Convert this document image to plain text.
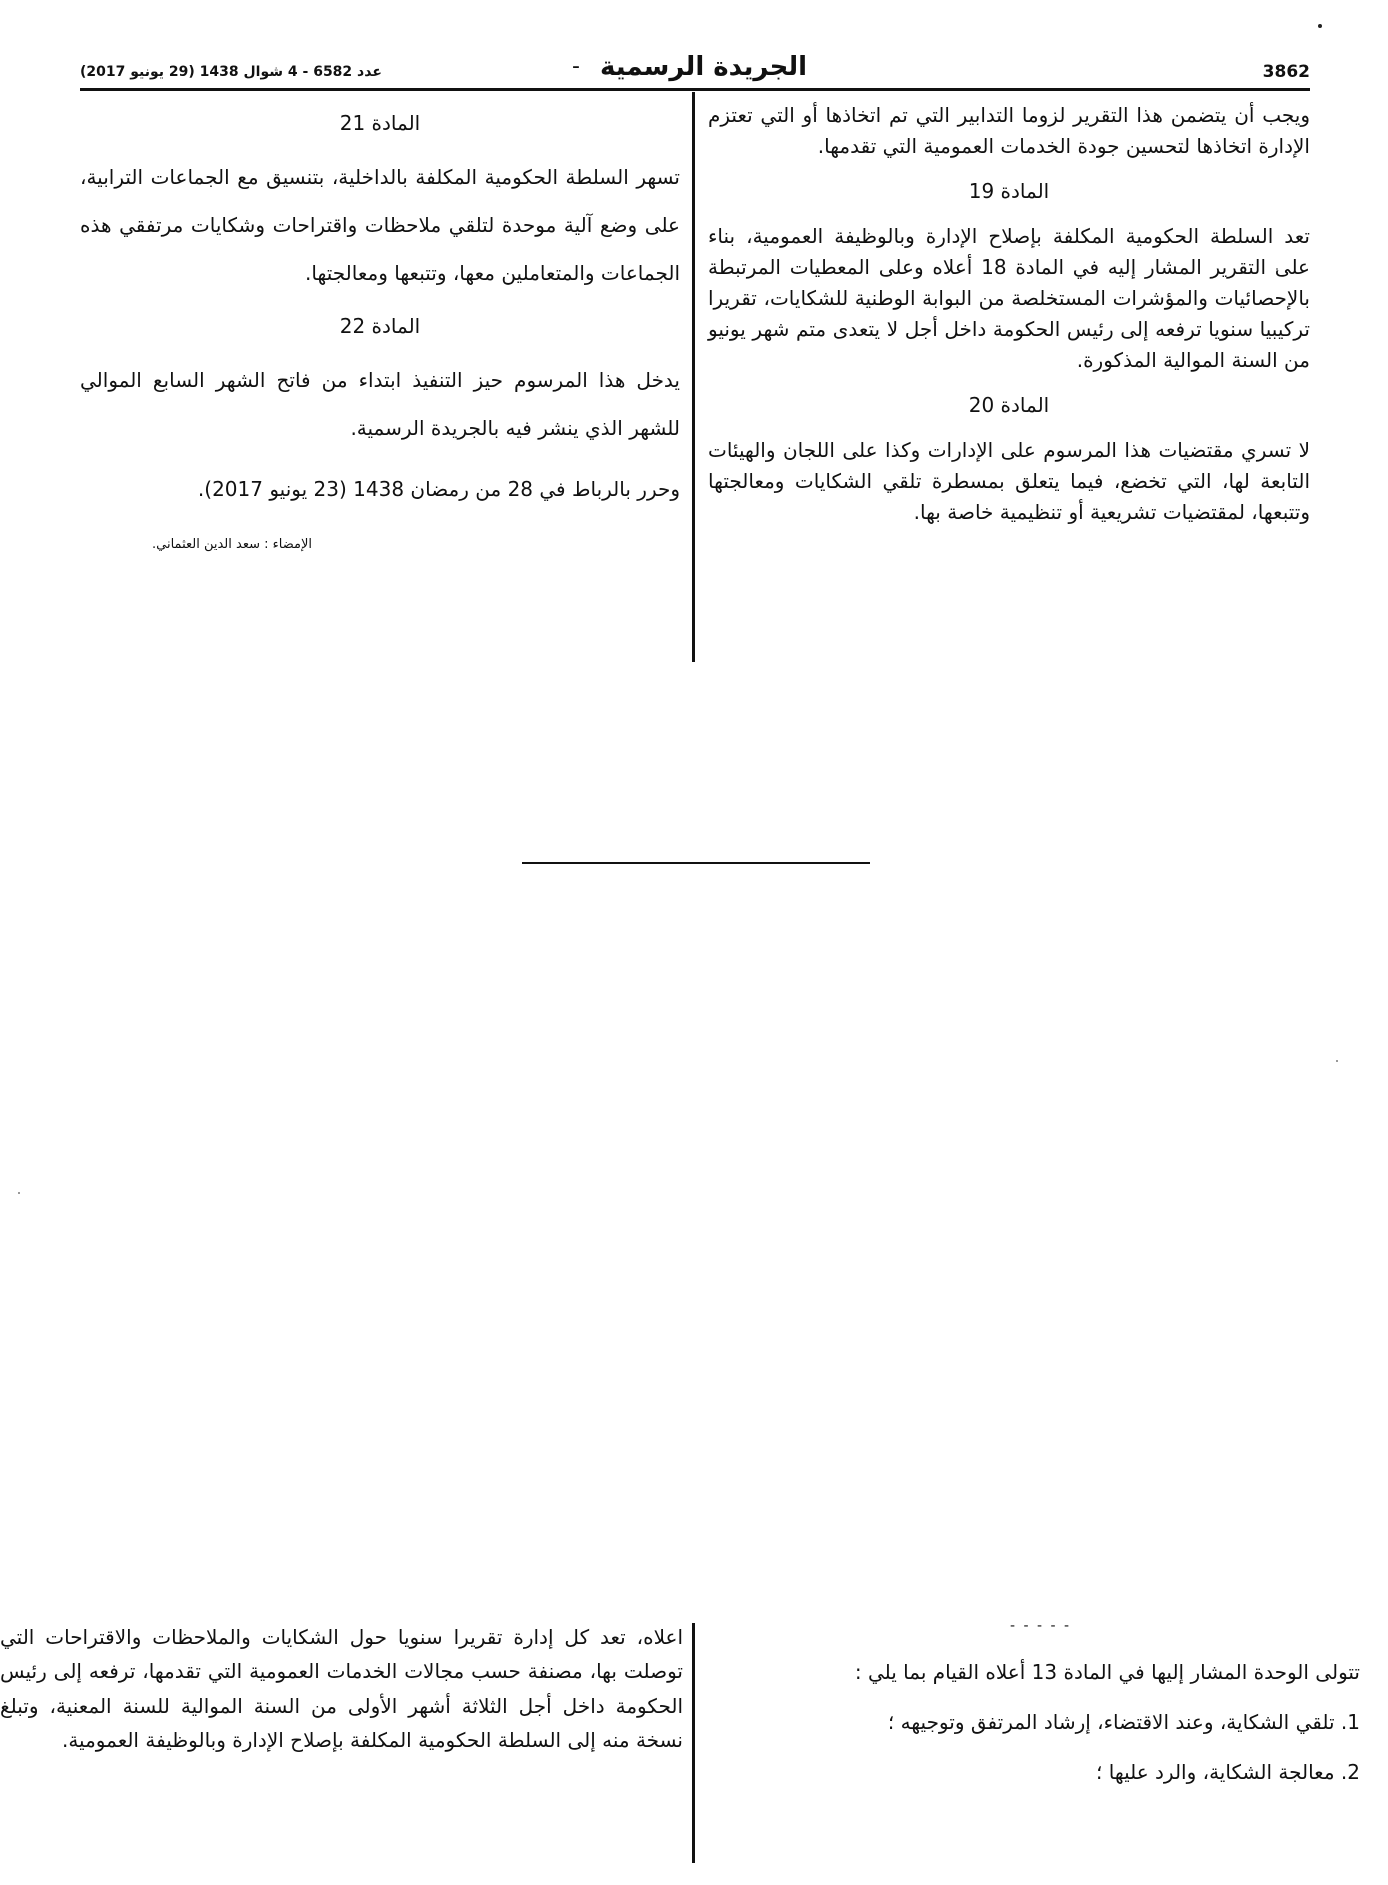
عدد 6582 - 4 شوال 1438 (29 يونيو 2017)	- الجريدة الرسمية	3862

ويجب أن يتضمن هذا التقرير لزوما التدابير التي تم اتخاذها أو التي تعتزم الإدارة اتخاذها لتحسين جودة الخدمات العمومية التي تقدمها.

المادة 19

تعد السلطة الحكومية المكلفة بإصلاح الإدارة وبالوظيفة العمومية، بناء على التقرير المشار إليه في المادة 18 أعلاه وعلى المعطيات المرتبطة بالإحصائيات والمؤشرات المستخلصة من البوابة الوطنية للشكايات، تقريرا تركيبيا سنويا ترفعه إلى رئيس الحكومة داخل أجل لا يتعدى متم شهر يونيو من السنة الموالية المذكورة.

المادة 20

لا تسري مقتضيات هذا المرسوم على الإدارات وكذا على اللجان والهيئات التابعة لها، التي تخضع، فيما يتعلق بمسطرة تلقي الشكايات ومعالجتها وتتبعها، لمقتضيات تشريعية أو تنظيمية خاصة بها.

المادة 21

تسهر السلطة الحكومية المكلفة بالداخلية، بتنسيق مع الجماعات الترابية، على وضع آلية موحدة لتلقي ملاحظات واقتراحات وشكايات مرتفقي هذه الجماعات والمتعاملين معها، وتتبعها ومعالجتها.

المادة 22

يدخل هذا المرسوم حيز التنفيذ ابتداء من فاتح الشهر السابع الموالي للشهر الذي ينشر فيه بالجريدة الرسمية.

وحرر بالرباط في 28 من رمضان 1438 (23 يونيو 2017).

الإمضاء : سعد الدين العثماني.

اعلاه، تعد كل إدارة تقريرا سنويا حول الشكايات والملاحظات والاقتراحات التي توصلت بها، مصنفة حسب مجالات الخدمات العمومية التي تقدمها، ترفعه إلى رئيس الحكومة داخل أجل الثلاثة أشهر الأولى من السنة الموالية للسنة المعنية، وتبلغ نسخة منه إلى السلطة الحكومية المكلفة بإصلاح الإدارة وبالوظيفة العمومية.

- - - - -

تتولى الوحدة المشار إليها في المادة 13 أعلاه القيام بما يلي :

1. تلقي الشكاية، وعند الاقتضاء، إرشاد المرتفق وتوجيهه ؛

2. معالجة الشكاية، والرد عليها ؛
